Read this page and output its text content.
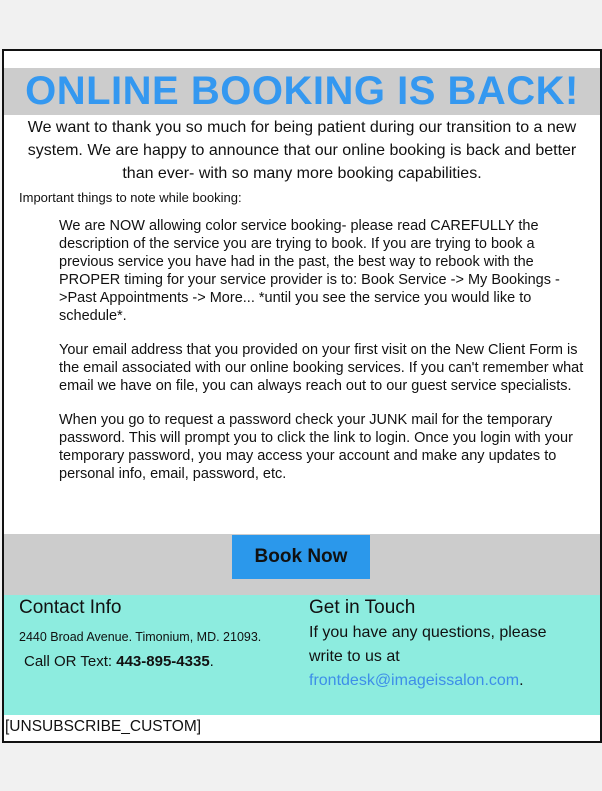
ONLINE BOOKING IS BACK!

We want to thank you so much for being patient during our transition to a new system. We are happy to announce that our online booking is back and better than ever- with so many more booking capabilities.

Important things to note while booking:

We are NOW allowing color service booking- please read CAREFULLY the description of the service you are trying to book. If you are trying to book a previous service you have had in the past, the best way to rebook with the PROPER timing for your service provider is to: Book Service -> My Bookings ->Past Appointments -> More... *until you see the service you would like to schedule*.

Your email address that you provided on your first visit on the New Client Form is the email associated with our online booking services. If you can't remember what email we have on file, you can always reach out to our guest service specialists.

When you go to request a password check your JUNK mail for the temporary password. This will prompt you to click the link to login. Once you login with your temporary password, you may access your account and make any updates to personal info, email, password, etc.

Book Now
Contact Info

2440 Broad Avenue. Timonium, MD. 21093.

Call OR Text: 443-895-4335.

Get in Touch

If you have any questions, please write to us at
frontdesk@imageissalon.com.

[UNSUBSCRIBE_CUSTOM]
